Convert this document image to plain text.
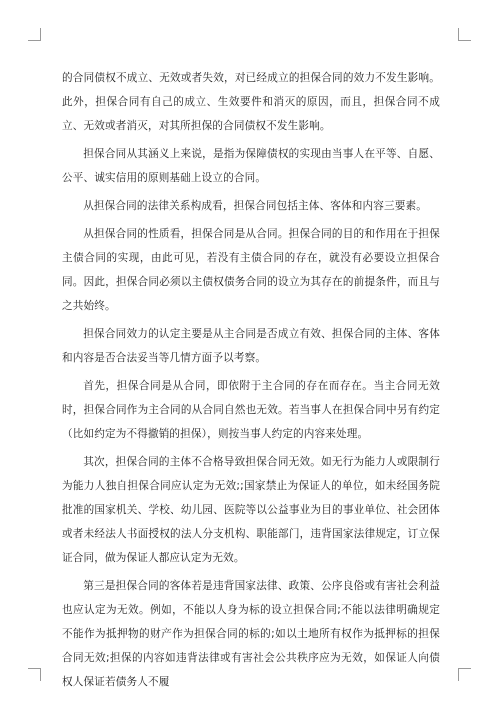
的合同债权不成立、无效或者失效，对已经成立的担保合同的效力不发生影响。此外，担保合同有自己的成立、生效要件和消灭的原因，而且，担保合同不成立、无效或者消灭，对其所担保的合同债权不发生影响。

担保合同从其涵义上来说，是指为保障债权的实现由当事人在平等、自愿、公平、诚实信用的原则基础上设立的合同。

从担保合同的法律关系构成看，担保合同包括主体、客体和内容三要素。

从担保合同的性质看，担保合同是从合同。担保合同的目的和作用在于担保主债合同的实现，由此可见，若没有主债合同的存在，就没有必要设立担保合同。因此，担保合同必须以主债权债务合同的设立为其存在的前提条件，而且与之共始终。

担保合同效力的认定主要是从主合同是否成立有效、担保合同的主体、客体和内容是否合法妥当等几情方面予以考察。

首先，担保合同是从合同，即依附于主合同的存在而存在。当主合同无效时，担保合同作为主合同的从合同自然也无效。若当事人在担保合同中另有约定（比如约定为不得撤销的担保），则按当事人约定的内容来处理。

其次，担保合同的主体不合格导致担保合同无效。如无行为能力人或限制行为能力人独自担保合同应认定为无效;;国家禁止为保证人的单位，如未经国务院批准的国家机关、学校、幼儿园、医院等以公益事业为目的事业单位、社会团体或者未经法人书面授权的法人分支机构、职能部门，违背国家法律规定，订立保证合同，做为保证人都应认定为无效。

第三是担保合同的客体若是违背国家法律、政策、公序良俗或有害社会利益也应认定为无效。例如，不能以人身为标的设立担保合同;不能以法律明确规定不能作为抵押物的财产作为担保合同的标的;如以土地所有权作为抵押标的担保合同无效;担保的内容如违背法律或有害社会公共秩序应为无效，如保证人向债权人保证若债务人不履
